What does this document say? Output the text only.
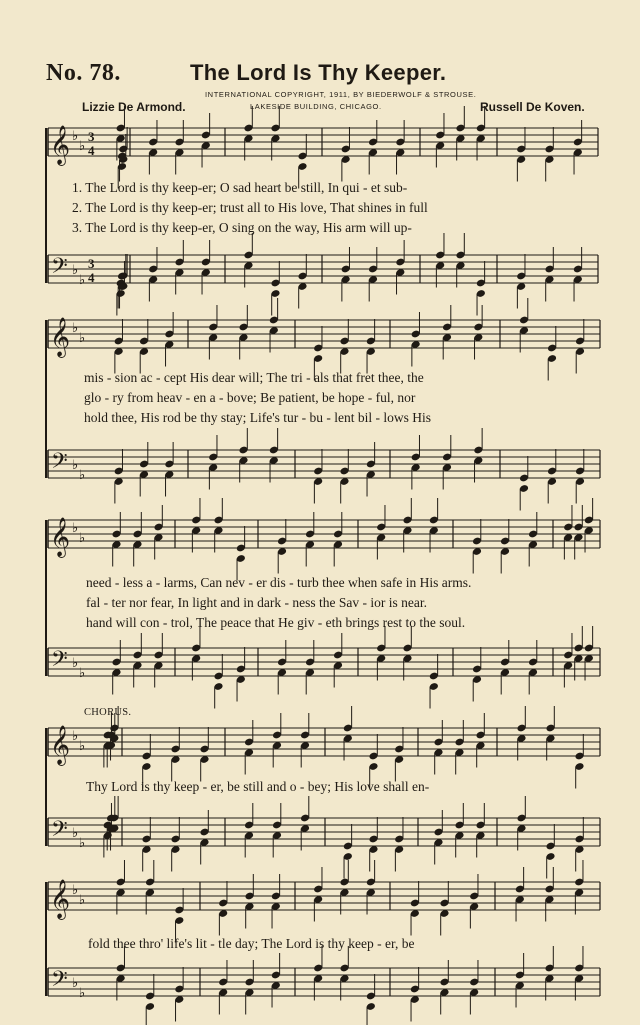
No. 78.	The Lord Is Thy Keeper.
INTERNATIONAL COPYRIGHT, 1911, BY BIEDERWOLF & STROUSE.
LAKESIDE BUILDING, CHICAGO.
Lizzie De Armond.	Russell De Koven.
CHORUS.
𝄞 ♭
♭
3
4
𝄢 ♭
♭
3
4
𝄞 ♭
♭
𝄢 ♭
♭
𝄞 ♭
♭
𝄢 ♭
♭
𝄞 ♭
♭
𝄢 ♭
♭
𝄞 ♭
♭
𝄢 ♭
♭
1. The Lord is thy keep-er; O sad heart be still, In qui - et sub-
2. The Lord is thy keep-er; trust all to His love, That shines in full
3. The Lord is thy keep-er, O sing on the way, His arm will up-
mis - sion ac - cept His dear will; The tri - als that fret thee, the
glo - ry from heav - en a - bove; Be patient, be hope - ful, nor
hold thee, His rod be thy stay; Life's tur - bu - lent bil - lows His
need - less a - larms, Can nev - er dis - turb thee when safe in His arms.
fal - ter nor fear, In light and in dark - ness the Sav - ior is near.
hand will con - trol, The peace that He giv - eth brings rest to the soul.
Thy Lord is thy keep - er, be still and o - bey; His love shall en-
fold thee thro' life's lit - tle day; The Lord is thy keep - er, be
